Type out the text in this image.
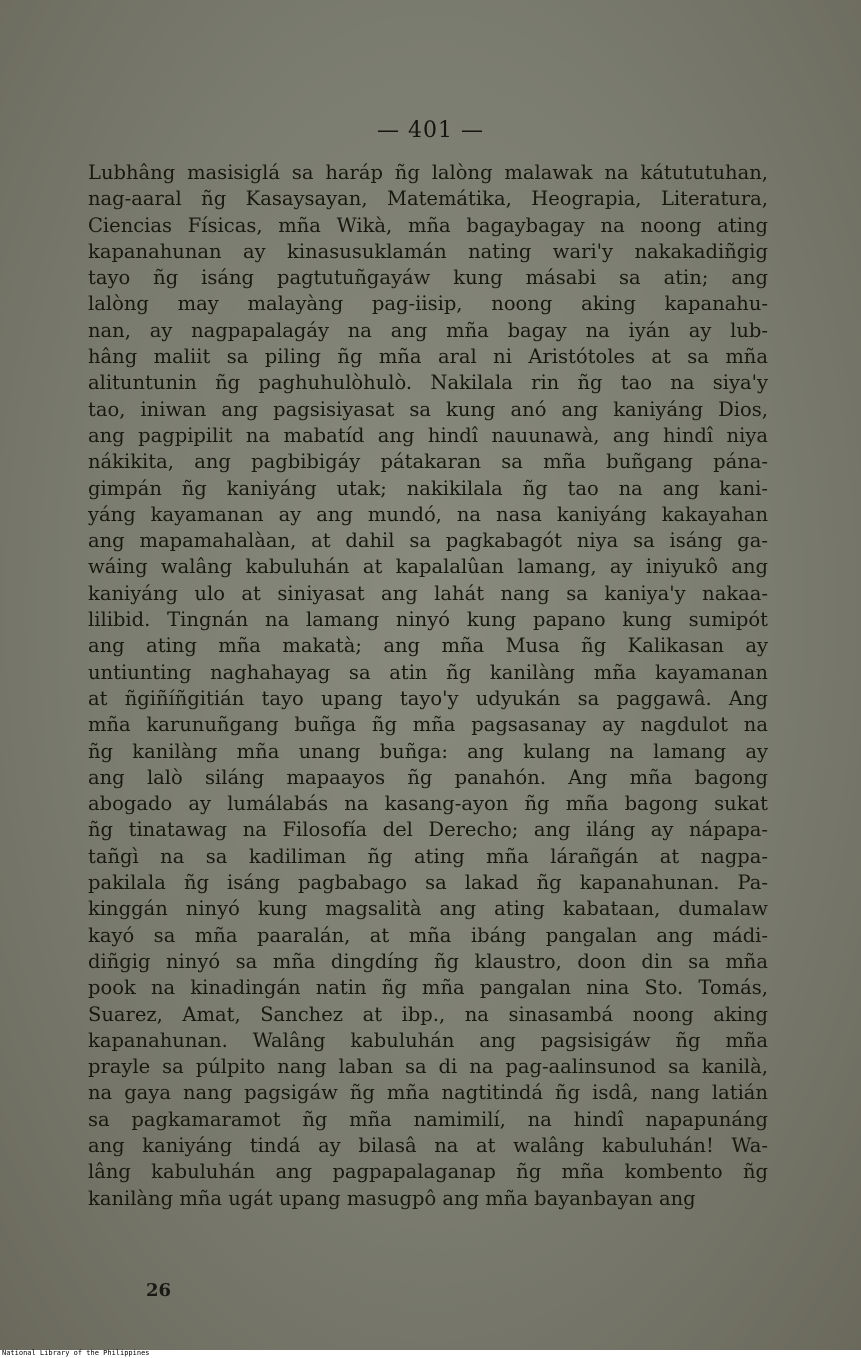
— 401 —
Lubhâng masisiglá sa haráp ñg lalòng malawak na kátututuhan,
nag-aaral ñg Kasaysayan, Matemátika, Heograpia, Literatura,
Ciencias Físicas, mña Wikà, mña bagaybagay na noong ating
kapanahunan ay kinasusuklamán nating wari'y nakakadiñgig
tayo ñg isáng pagtutuñgayáw kung másabi sa atin; ang
lalòng may malayàng pag-iisip, noong aking kapanahu-
nan, ay nagpapalagáy na ang mña bagay na iyán ay lub-
hâng maliit sa piling ñg mña aral ni Aristótoles at sa mña
alituntunin ñg paghuhulòhulò. Nakilala rin ñg tao na siya'y
tao, iniwan ang pagsisiyasat sa kung anó ang kaniyáng Dios,
ang pagpipilit na mabatíd ang hindî nauunawà, ang hindî niya
nákikita, ang pagbibigáy pátakaran sa mña buñgang pána-
gimpán ñg kaniyáng utak; nakikilala ñg tao na ang kani-
yáng kayamanan ay ang mundó, na nasa kaniyáng kakayahan
ang mapamahalàan, at dahil sa pagkabagót niya sa isáng ga-
wáing walâng kabuluhán at kapalalûan lamang, ay iniyukô ang
kaniyáng ulo at siniyasat ang lahát nang sa kaniya'y nakaa-
lilibid. Tingnán na lamang ninyó kung papano kung sumipót
ang ating mña makatà; ang mña Musa ñg Kalikasan ay
untiunting naghahayag sa atin ñg kanilàng mña kayamanan
at ñgiñíñgitián tayo upang tayo'y udyukán sa paggawâ. Ang
mña karunuñgang buñga ñg mña pagsasanay ay nagdulot na
ñg kanilàng mña unang buñga: ang kulang na lamang ay
ang lalò siláng mapaayos ñg panahón. Ang mña bagong
abogado ay lumálabás na kasang-ayon ñg mña bagong sukat
ñg tinatawag na Filosofía del Derecho; ang iláng ay nápapa-
tañgì na sa kadiliman ñg ating mña lárañgán at nagpa-
pakilala ñg isáng pagbabago sa lakad ñg kapanahunan. Pa-
kinggán ninyó kung magsalità ang ating kabataan, dumalaw
kayó sa mña paaralán, at mña ibáng pangalan ang mádi-
diñgig ninyó sa mña dingdíng ñg klaustro, doon din sa mña
pook na kinadingán natin ñg mña pangalan nina Sto. Tomás,
Suarez, Amat, Sanchez at ibp., na sinasambá noong aking
kapanahunan. Walâng kabuluhán ang pagsisigáw ñg mña
prayle sa púlpito nang laban sa di na pag-aalinsunod sa kanilà,
na gaya nang pagsigáw ñg mña nagtitindá ñg isdâ, nang latián
sa pagkamaramot ñg mña namimilí, na hindî napapunáng
ang kaniyáng tindá ay bilasâ na at walâng kabuluhán! Wa-
lâng kabuluhán ang pagpapalaganap ñg mña kombento ñg
kanilàng mña ugát upang masugpô ang mña bayanbayan ang
26
National Library of the Philippines
